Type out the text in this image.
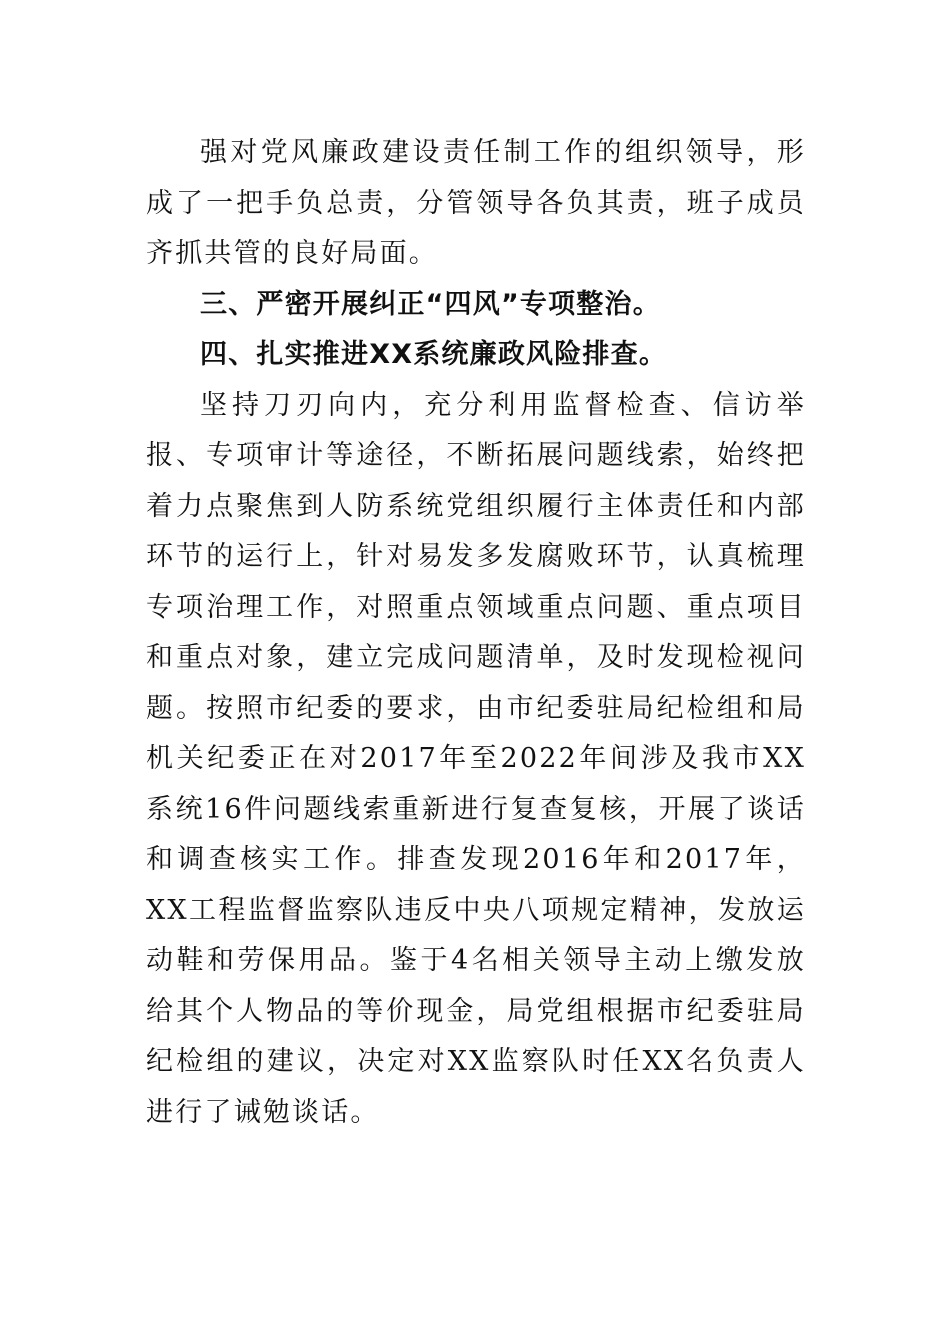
强对党风廉政建设责任制工作的组织领导，形成了一把手负总责，分管领导各负其责，班子成员齐抓共管的良好局面。

三、严密开展纠正“四风”专项整治。

四、扎实推进XX系统廉政风险排查。

坚持刀刃向内，充分利用监督检查、信访举报、专项审计等途径，不断拓展问题线索，始终把着力点聚焦到人防系统党组织履行主体责任和内部环节的运行上，针对易发多发腐败环节，认真梳理专项治理工作，对照重点领域重点问题、重点项目和重点对象，建立完成问题清单，及时发现检视问题。按照市纪委的要求，由市纪委驻局纪检组和局机关纪委正在对2017年至2022年间涉及我市XX系统16件问题线索重新进行复查复核，开展了谈话和调查核实工作。排查发现2016年和2017年，XX工程监督监察队违反中央八项规定精神，发放运动鞋和劳保用品。鉴于4名相关领导主动上缴发放给其个人物品的等价现金，局党组根据市纪委驻局纪检组的建议，决定对XX监察队时任XX名负责人进行了诫勉谈话。
